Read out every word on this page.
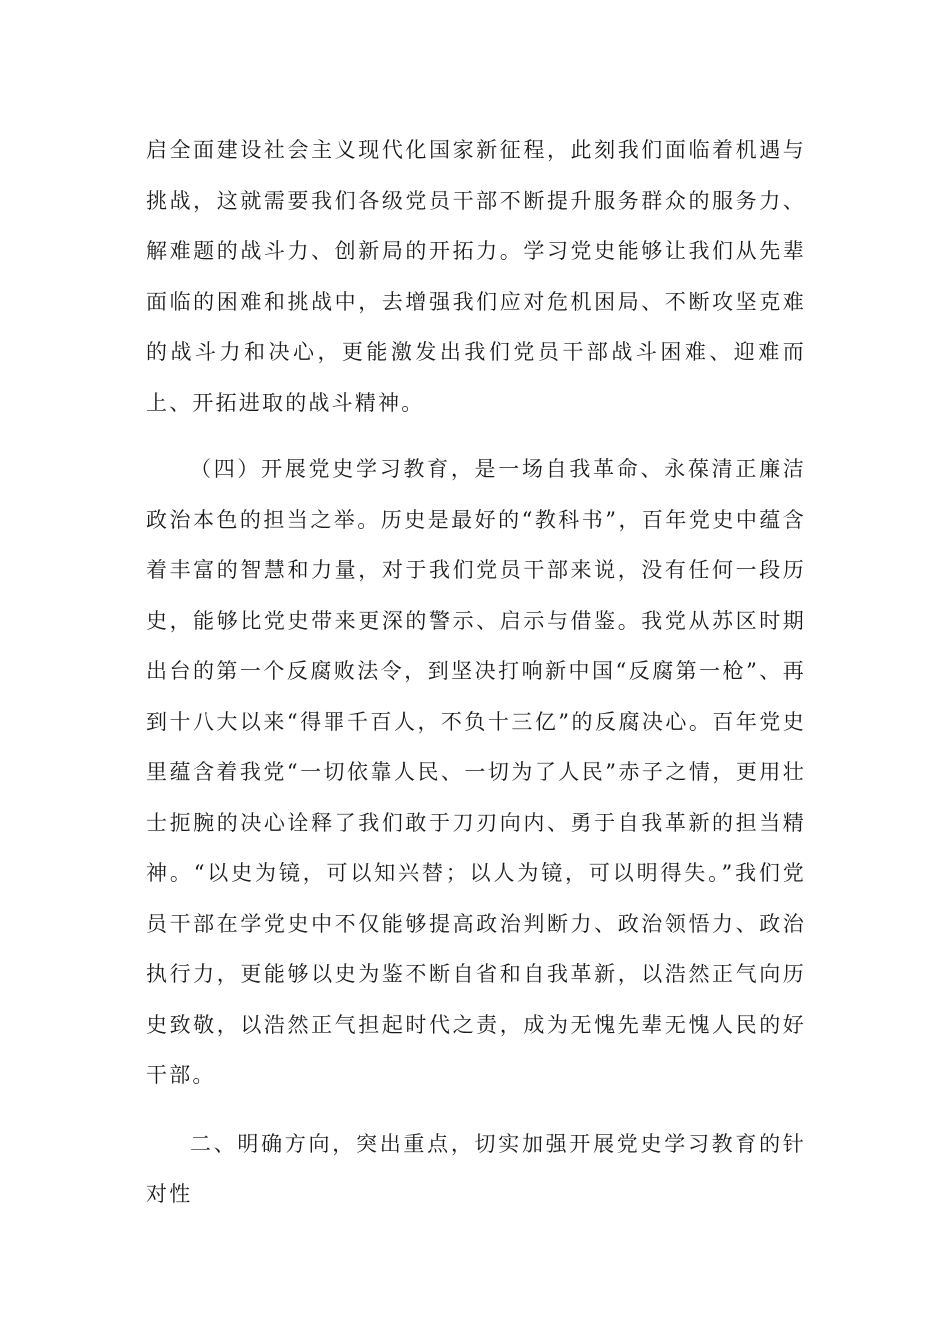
启全面建设社会主义现代化国家新征程，此刻我们面临着机遇与挑战，这就需要我们各级党员干部不断提升服务群众的服务力、解难题的战斗力、创新局的开拓力。学习党史能够让我们从先辈面临的困难和挑战中，去增强我们应对危机困局、不断攻坚克难的战斗力和决心，更能激发出我们党员干部战斗困难、迎难而上、开拓进取的战斗精神。

（四）开展党史学习教育，是一场自我革命、永葆清正廉洁政治本色的担当之举。历史是最好的“教科书”，百年党史中蕴含着丰富的智慧和力量，对于我们党员干部来说，没有任何一段历史，能够比党史带来更深的警示、启示与借鉴。我党从苏区时期出台的第一个反腐败法令，到坚决打响新中国“反腐第一枪”、再到十八大以来“得罪千百人，不负十三亿”的反腐决心。百年党史里蕴含着我党“一切依靠人民、一切为了人民”赤子之情，更用壮士扼腕的决心诠释了我们敢于刀刃向内、勇于自我革新的担当精神。“以史为镜，可以知兴替；以人为镜，可以明得失。”我们党员干部在学党史中不仅能够提高政治判断力、政治领悟力、政治执行力，更能够以史为鉴不断自省和自我革新，以浩然正气向历史致敬，以浩然正气担起时代之责，成为无愧先辈无愧人民的好干部。

二、明确方向，突出重点，切实加强开展党史学习教育的针对性
